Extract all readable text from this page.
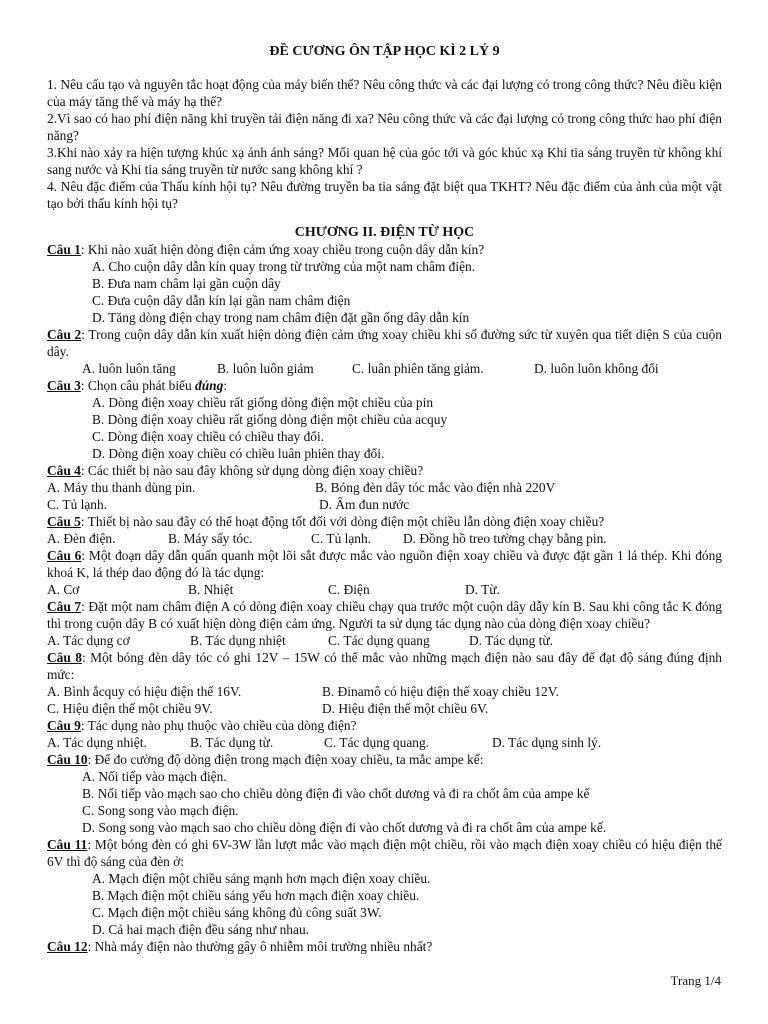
ĐỀ CƯƠNG ÔN TẬP HỌC KÌ 2 LÝ 9

1. Nêu cấu tạo và nguyên tắc hoạt động của máy biến thế? Nêu công thức và các đại lượng có trong công thức? Nêu điều kiện của máy tăng thế và máy hạ thế?

2.Vì sao có hao phí điện năng khi truyền tải điện năng đi xa? Nêu công thức và các đại lượng có trong công thức hao phí điện năng?

3.Khi nào xảy ra hiện tượng khúc xạ ánh ánh sáng? Mối quan hệ của góc tới và góc khúc xạ Khi tia sáng truyền từ không khí sang nước và Khi tia sáng truyền từ nước sang không khí ?

4. Nêu đặc điểm của Thấu kính hội tụ? Nêu đường truyền ba tia sáng đặt biệt qua TKHT? Nêu đặc điểm của ảnh của một vật tạo bởi thấu kính hội tụ?

CHƯƠNG II. ĐIỆN TỪ HỌC

Câu 1: Khi nào xuất hiện dòng điện cảm ứng xoay chiều trong cuộn dây dẫn kín?

A. Cho cuộn dây dẫn kín quay trong từ trường của một nam châm điện.

B. Đưa nam châm lại gần cuộn dây

C. Đưa cuộn dây dẫn kín lại gần nam châm điện

D. Tăng dòng điện chạy trong nam châm điện đặt gần ống dây dẫn kín

Câu 2: Trong cuộn dây dẫn kín xuất hiện dòng điện cảm ứng xoay chiều khi số đường sức từ xuyên qua tiết diện S của cuộn dây.

A. luôn luôn tăng	B. luôn luôn giảm	C. luân phiên tăng giảm.	D. luôn luôn không đổi

Câu 3: Chọn câu phát biểu đúng:

A. Dòng điện xoay chiều rất giống dòng điện một chiều của pin

B. Dòng điện xoay chiều rất giống dòng điện một chiều của acquy

C. Dòng điện xoay chiều có chiều thay đổi.

D. Dòng điện xoay chiều có chiều luân phiên thay đổi.

Câu 4: Các thiết bị nào sau đây không sử dụng dòng điện xoay chiều?

A. Máy thu thanh dùng pin.	B. Bóng đèn dây tóc mắc vào điện nhà 220V
C. Tủ lạnh.	D. Ấm đun nước

Câu 5: Thiết bị nào sau đây có thể hoạt động tốt đối với dòng điện một chiều lẫn dòng điện xoay chiều?

A. Đèn điện.	B. Máy sấy tóc.	C. Tủ lạnh.	D. Đồng hồ treo tường chạy bằng pin.

Câu 6: Một đoạn dây dẫn quấn quanh một lõi sắt được mắc vào nguồn điện xoay chiều và được đặt gần 1 lá thép. Khi đóng khoá K, lá thép dao động đó là tác dụng:

A. Cơ	B. Nhiệt	C. Điện	D. Từ.

Câu 7: Đặt một nam châm điện A có dòng điện xoay chiều chạy qua trước một cuộn dây dẫy kín B. Sau khi công tắc K đóng thì trong cuộn dây B có xuất hiện dòng điện cảm ứng. Người ta sử dụng tác dụng nào của dòng điện xoay chiều?

A. Tác dụng cơ	B. Tác dụng nhiệt	C. Tác dụng quang	D. Tác dụng từ.

Câu 8: Một bóng đèn dây tóc có ghi 12V – 15W có thể mắc vào những mạch điện nào sau đây để đạt độ sáng đúng định mức:

A. Bình ắcquy có hiệu điện thế 16V.	B. Đinamô có hiệu điện thế xoay chiều 12V.
C. Hiệu điện thế một chiều 9V.	D. Hiệu điện thế một chiều 6V.

Câu 9: Tác dụng nào phụ thuộc vào chiều của dòng điện?

A. Tác dụng nhiệt.	B. Tác dụng từ.	C. Tác dụng quang.	D. Tác dụng sinh lý.

Câu 10: Để đo cường độ dòng điện trong mạch điện xoay chiều, ta mắc ampe kế:

A. Nối tiếp vào mạch điện.

B. Nối tiếp vào mạch sao cho chiều dòng điện đi vào chốt dương và đi ra chốt âm của ampe kế

C. Song song vào mạch điện.

D. Song song vào mạch sao cho chiều dòng điện đi vào chốt dương và đi ra chốt âm của ampe kế.

Câu 11: Một bóng đèn có ghi 6V-3W lần lượt mắc vào mạch điện một chiều, rồi vào mạch điện xoay chiều có hiệu điện thế 6V thì độ sáng của đèn ở:

A. Mạch điện một chiều sáng mạnh hơn mạch điện xoay chiều.

B. Mạch điện một chiều sáng yếu hơn mạch điện xoay chiều.

C. Mạch điện một chiều sáng không đủ công suất 3W.

D. Cả hai mạch điện đều sáng như nhau.

Câu 12: Nhà máy điện nào thường gây ô nhiễm môi trường nhiều nhất?

Trang 1/4
